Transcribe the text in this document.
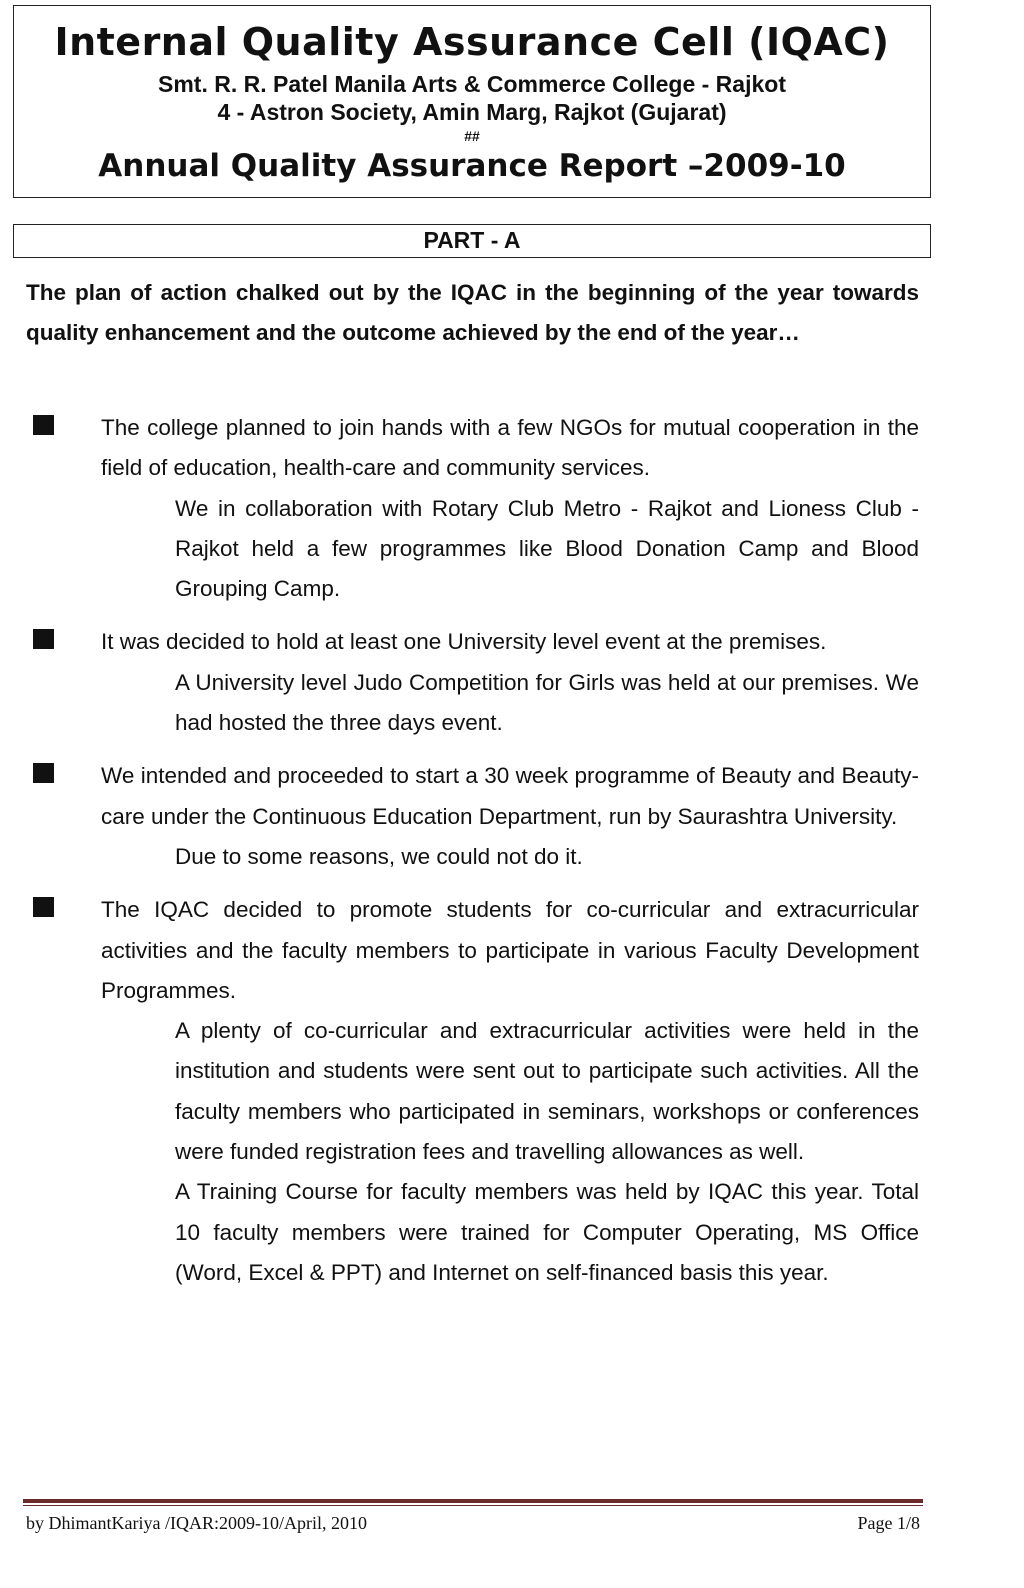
Internal Quality Assurance Cell (IQAC)
Smt. R. R. Patel Manila Arts & Commerce College - Rajkot
4 - Astron Society, Amin Marg, Rajkot (Gujarat)
##
Annual Quality Assurance Report –2009-10
PART - A

The plan of action chalked out by the IQAC in the beginning of the year towards quality enhancement and the outcome achieved by the end of the year…

The college planned to join hands with a few NGOs for mutual cooperation in the field of education, health-care and community services.

We in collaboration with Rotary Club Metro - Rajkot and Lioness Club - Rajkot held a few programmes like Blood Donation Camp and Blood Grouping Camp.

It was decided to hold at least one University level event at the premises.

A University level Judo Competition for Girls was held at our premises. We had hosted the three days event.

We intended and proceeded to start a 30 week programme of Beauty and Beauty-care under the Continuous Education Department, run by Saurashtra University.

Due to some reasons, we could not do it.

The IQAC decided to promote students for co-curricular and extracurricular activities and the faculty members to participate in various Faculty Development Programmes.

A plenty of co-curricular and extracurricular activities were held in the institution and students were sent out to participate such activities. All the faculty members who participated in seminars, workshops or conferences were funded registration fees and travelling allowances as well.

A Training Course for faculty members was held by IQAC this year. Total 10 faculty members were trained for Computer Operating, MS Office (Word, Excel & PPT) and Internet on self-financed basis this year.

by DhimantKariya /IQAR:2009-10/April, 2010	Page 1/8
